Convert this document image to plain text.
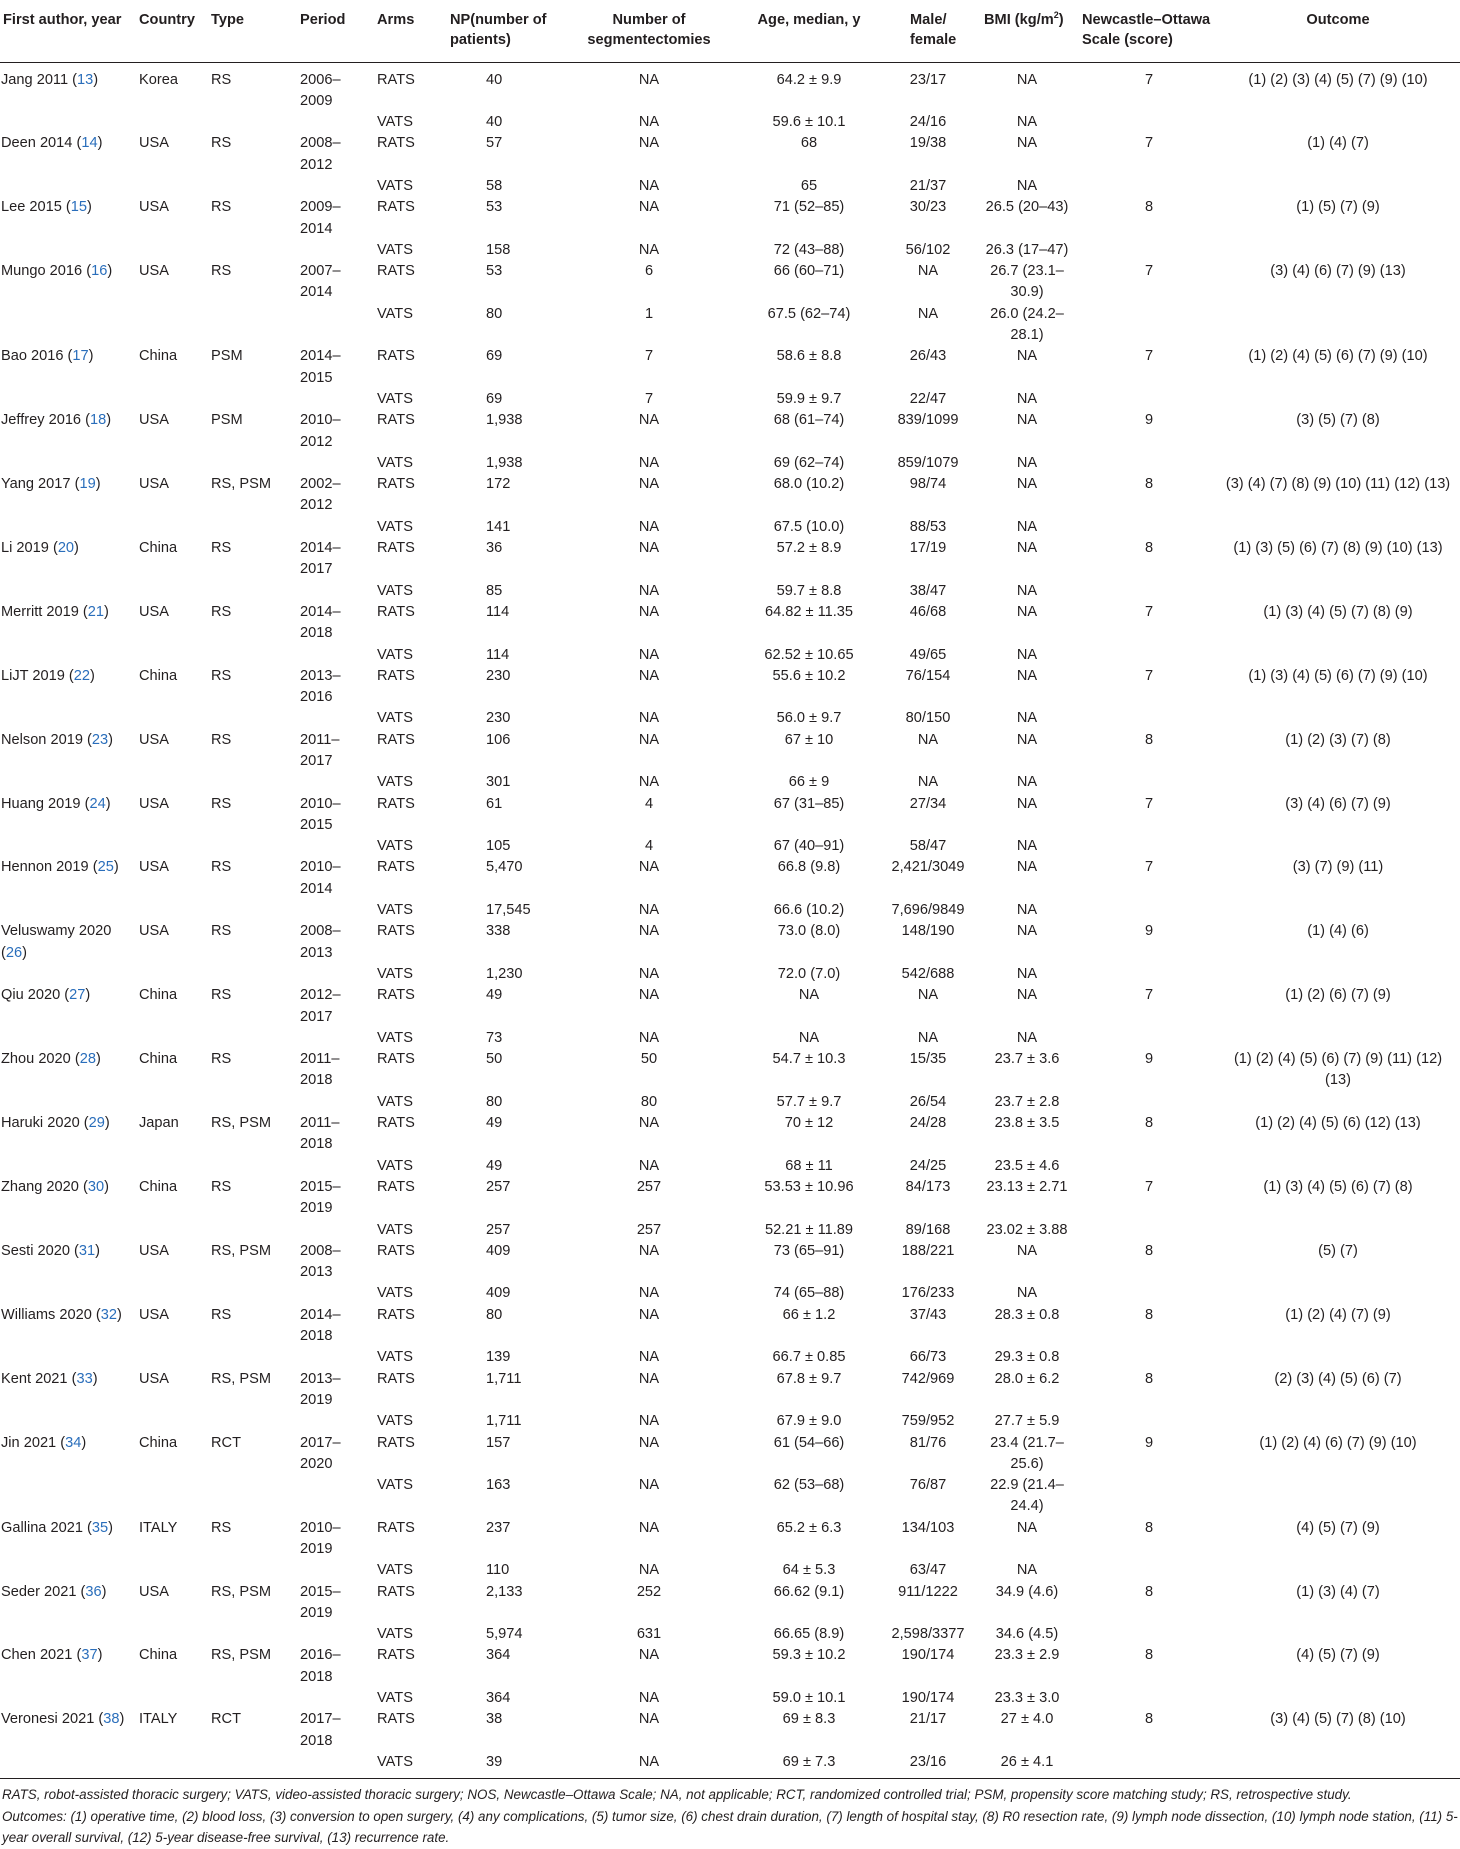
First author, year	Country	Type	Period	Arms	NP(number of patients)	Number of segmentectomies	Age, median, y	Male/ female	BMI $(kg/m^2)$	Newcastle–Ottawa Scale (score)	Outcome
Jang 2011 (13)	Korea	RS	2006–2009	RATS	40	NA	64.2 ± 9.9	23/17	NA	7	(1) (2) (3) (4) (5) (7) (9) (10)
				VATS	40	NA	59.6 ± 10.1	24/16	NA		
Deen 2014 (14)	USA	RS	2008–2012	RATS	57	NA	68	19/38	NA	7	(1) (4) (7)
				VATS	58	NA	65	21/37	NA		
Lee 2015 (15)	USA	RS	2009–2014	RATS	53	NA	71 (52–85)	30/23	26.5 (20–43)	8	(1) (5) (7) (9)
				VATS	158	NA	72 (43–88)	56/102	26.3 (17–47)		
Mungo 2016 (16)	USA	RS	2007–2014	RATS	53	6	66 (60–71)	NA	26.7 (23.1–30.9)	7	(3) (4) (6) (7) (9) (13)
				VATS	80	1	67.5 (62–74)	NA	26.0 (24.2–28.1)		
Bao 2016 (17)	China	PSM	2014–2015	RATS	69	7	58.6 ± 8.8	26/43	NA	7	(1) (2) (4) (5) (6) (7) (9) (10)
				VATS	69	7	59.9 ± 9.7	22/47	NA		
Jeffrey 2016 (18)	USA	PSM	2010–2012	RATS	1,938	NA	68 (61–74)	839/1099	NA	9	(3) (5) (7) (8)
				VATS	1,938	NA	69 (62–74)	859/1079	NA		
Yang 2017 (19)	USA	RS, PSM	2002–2012	RATS	172	NA	68.0 (10.2)	98/74	NA	8	(3) (4) (7) (8) (9) (10) (11) (12) (13)
				VATS	141	NA	67.5 (10.0)	88/53	NA		
Li 2019 (20)	China	RS	2014–2017	RATS	36	NA	57.2 ± 8.9	17/19	NA	8	(1) (3) (5) (6) (7) (8) (9) (10) (13)
				VATS	85	NA	59.7 ± 8.8	38/47	NA		
Merritt 2019 (21)	USA	RS	2014–2018	RATS	114	NA	64.82 ± 11.35	46/68	NA	7	(1) (3) (4) (5) (7) (8) (9)
				VATS	114	NA	62.52 ± 10.65	49/65	NA		
LiJT 2019 (22)	China	RS	2013–2016	RATS	230	NA	55.6 ± 10.2	76/154	NA	7	(1) (3) (4) (5) (6) (7) (9) (10)
				VATS	230	NA	56.0 ± 9.7	80/150	NA		
Nelson 2019 (23)	USA	RS	2011–2017	RATS	106	NA	67 ± 10	NA	NA	8	(1) (2) (3) (7) (8)
				VATS	301	NA	66 ± 9	NA	NA		
Huang 2019 (24)	USA	RS	2010–2015	RATS	61	4	67 (31–85)	27/34	NA	7	(3) (4) (6) (7) (9)
				VATS	105	4	67 (40–91)	58/47	NA		
Hennon 2019 (25)	USA	RS	2010–2014	RATS	5,470	NA	66.8 (9.8)	2,421/3049	NA	7	(3) (7) (9) (11)
				VATS	17,545	NA	66.6 (10.2)	7,696/9849	NA		
Veluswamy 2020 (26)	USA	RS	2008–2013	RATS	338	NA	73.0 (8.0)	148/190	NA	9	(1) (4) (6)
				VATS	1,230	NA	72.0 (7.0)	542/688	NA		
Qiu 2020 (27)	China	RS	2012–2017	RATS	49	NA	NA	NA	NA	7	(1) (2) (6) (7) (9)
				VATS	73	NA	NA	NA	NA		
Zhou 2020 (28)	China	RS	2011–2018	RATS	50	50	54.7 ± 10.3	15/35	23.7 ± 3.6	9	(1) (2) (4) (5) (6) (7) (9) (11) (12) (13)
				VATS	80	80	57.7 ± 9.7	26/54	23.7 ± 2.8		
Haruki 2020 (29)	Japan	RS, PSM	2011–2018	RATS	49	NA	70 ± 12	24/28	23.8 ± 3.5	8	(1) (2) (4) (5) (6) (12) (13)
				VATS	49	NA	68 ± 11	24/25	23.5 ± 4.6		
Zhang 2020 (30)	China	RS	2015–2019	RATS	257	257	53.53 ± 10.96	84/173	23.13 ± 2.71	7	(1) (3) (4) (5) (6) (7) (8)
				VATS	257	257	52.21 ± 11.89	89/168	23.02 ± 3.88		
Sesti 2020 (31)	USA	RS, PSM	2008–2013	RATS	409	NA	73 (65–91)	188/221	NA	8	(5) (7)
				VATS	409	NA	74 (65–88)	176/233	NA		
Williams 2020 (32)	USA	RS	2014–2018	RATS	80	NA	66 ± 1.2	37/43	28.3 ± 0.8	8	(1) (2) (4) (7) (9)
				VATS	139	NA	66.7 ± 0.85	66/73	29.3 ± 0.8		
Kent 2021 (33)	USA	RS, PSM	2013–2019	RATS	1,711	NA	67.8 ± 9.7	742/969	28.0 ± 6.2	8	(2) (3) (4) (5) (6) (7)
				VATS	1,711	NA	67.9 ± 9.0	759/952	27.7 ± 5.9		
Jin 2021 (34)	China	RCT	2017–2020	RATS	157	NA	61 (54–66)	81/76	23.4 (21.7–25.6)	9	(1) (2) (4) (6) (7) (9) (10)
				VATS	163	NA	62 (53–68)	76/87	22.9 (21.4–24.4)		
Gallina 2021 (35)	ITALY	RS	2010–2019	RATS	237	NA	65.2 ± 6.3	134/103	NA	8	(4) (5) (7) (9)
				VATS	110	NA	64 ± 5.3	63/47	NA		
Seder 2021 (36)	USA	RS, PSM	2015–2019	RATS	2,133	252	66.62 (9.1)	911/1222	34.9 (4.6)	8	(1) (3) (4) (7)
				VATS	5,974	631	66.65 (8.9)	2,598/3377	34.6 (4.5)		
Chen 2021 (37)	China	RS, PSM	2016–2018	RATS	364	NA	59.3 ± 10.2	190/174	23.3 ± 2.9	8	(4) (5) (7) (9)
				VATS	364	NA	59.0 ± 10.1	190/174	23.3 ± 3.0		
Veronesi 2021 (38)	ITALY	RCT	2017–2018	RATS	38	NA	69 ± 8.3	21/17	27 ± 4.0	8	(3) (4) (5) (7) (8) (10)
				VATS	39	NA	69 ± 7.3	23/16	26 ± 4.1		
RATS, robot-assisted thoracic surgery; VATS, video-assisted thoracic surgery; NOS, Newcastle–Ottawa Scale; NA, not applicable; RCT, randomized controlled trial; PSM, propensity score matching study; RS, retrospective study.											
Outcomes: (1) operative time, (2) blood loss, (3) conversion to open surgery, (4) any complications, (5) tumor size, (6) chest drain duration, (7) length of hospital stay, (8) R0 resection rate, (9) lymph node dissection, (10) lymph node station, (11) 5-year overall survival, (12) 5-year disease-free survival, (13) recurrence rate.											
